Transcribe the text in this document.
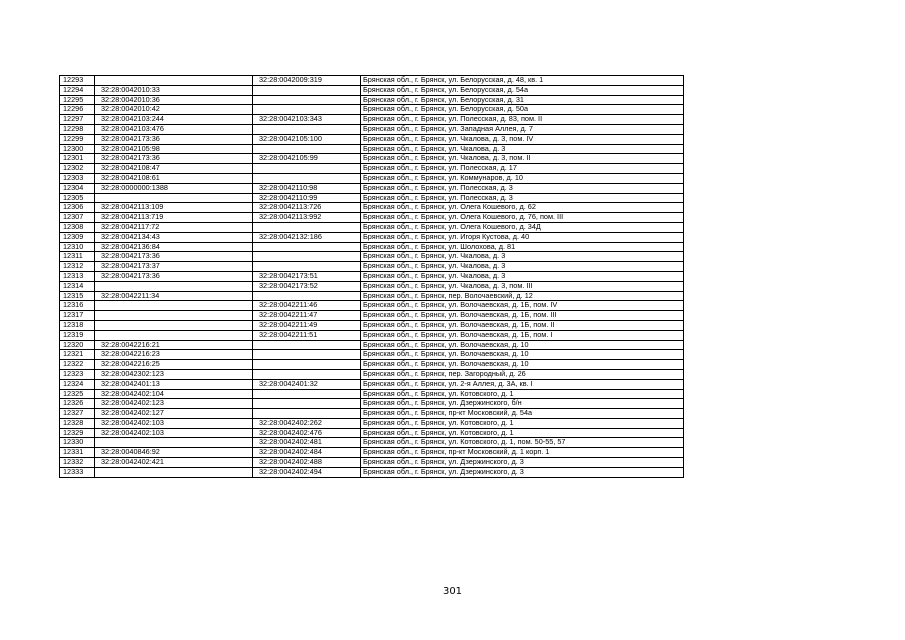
12293		32:28:0042009:319	Брянская обл., г. Брянск, ул. Белорусская, д. 48, кв. 1
12294	32:28:0042010:33		Брянская обл., г. Брянск, ул. Белорусская, д. 54а
12295	32:28:0042010:36		Брянская обл., г. Брянск, ул. Белорусская, д. 31
12296	32:28:0042010:42		Брянская обл., г. Брянск, ул. Белорусская, д. 50а
12297	32:28:0042103:244	32:28:0042103:343	Брянская обл., г. Брянск, ул. Полесская, д. 83, пом. II
12298	32:28:0042103:476		Брянская обл., г. Брянск, ул. Западная Аллея, д. 7
12299	32:28:0042173:36	32:28:0042105:100	Брянская обл., г. Брянск, ул. Чкалова, д. 3, пом. IV
12300	32:28:0042105:98		Брянская обл., г. Брянск, ул. Чкалова, д. 3
12301	32:28:0042173:36	32:28:0042105:99	Брянская обл., г. Брянск, ул. Чкалова, д. 3, пом. II
12302	32:28:0042108:47		Брянская обл., г. Брянск, ул. Полесская, д. 17
12303	32:28:0042108:61		Брянская обл., г. Брянск, ул. Коммунаров, д. 10
12304	32:28:0000000:1388	32:28:0042110:98	Брянская обл., г. Брянск, ул. Полесская, д. 3
12305		32:28:0042110:99	Брянская обл., г. Брянск, ул. Полесская, д. 3
12306	32:28:0042113:109	32:28:0042113:726	Брянская обл., г. Брянск, ул. Олега Кошевого, д. 62
12307	32:28:0042113:719	32:28:0042113:992	Брянская обл., г. Брянск, ул. Олега Кошевого, д. 76, пом. III
12308	32:28:0042117:72		Брянская обл., г. Брянск, ул. Олега Кошевого, д. 34Д
12309	32:28:0042134:43	32:28:0042132:186	Брянская обл., г. Брянск, ул. Игоря Кустова, д. 40
12310	32:28:0042136:84		Брянская обл., г. Брянск, ул. Шолохова, д. 81
12311	32:28:0042173:36		Брянская обл., г. Брянск, ул. Чкалова, д. 3
12312	32:28:0042173:37		Брянская обл., г. Брянск, ул. Чкалова, д. 3
12313	32:28:0042173:36	32:28:0042173:51	Брянская обл., г. Брянск, ул. Чкалова, д. 3
12314		32:28:0042173:52	Брянская обл., г. Брянск, ул. Чкалова, д. 3, пом. III
12315	32:28:0042211:34		Брянская обл., г. Брянск, пер. Волочаевский, д. 12
12316		32:28:0042211:46	Брянская обл., г. Брянск, ул. Волочаевская, д. 1Б, пом. IV
12317		32:28:0042211:47	Брянская обл., г. Брянск, ул. Волочаевская, д. 1Б, пом. III
12318		32:28:0042211:49	Брянская обл., г. Брянск, ул. Волочаевская, д. 1Б, пом. II
12319		32:28:0042211:51	Брянская обл., г. Брянск, ул. Волочаевская, д. 1Б, пом. I
12320	32:28:0042216:21		Брянская обл., г. Брянск, ул. Волочаевская, д. 10
12321	32:28:0042216:23		Брянская обл., г. Брянск, ул. Волочаевская, д. 10
12322	32:28:0042216:25		Брянская обл., г. Брянск, ул. Волочаевская, д. 10
12323	32:28:0042302:123		Брянская обл., г. Брянск, пер. Загородный, д. 26
12324	32:28:0042401:13	32:28:0042401:32	Брянская обл., г. Брянск, ул. 2-я Аллея, д. 3А, кв. I
12325	32:28:0042402:104		Брянская обл., г. Брянск, ул. Котовского, д. 1
12326	32:28:0042402:123		Брянская обл., г. Брянск, ул. Дзержинского, б/н
12327	32:28:0042402:127		Брянская обл., г. Брянск, пр-кт Московский, д. 54а
12328	32:28:0042402:103	32:28:0042402:262	Брянская обл., г. Брянск, ул. Котовского, д. 1
12329	32:28:0042402:103	32:28:0042402:476	Брянская обл., г. Брянск, ул. Котовского, д. 1
12330		32:28:0042402:481	Брянская обл., г. Брянск, ул. Котовского, д. 1, пом. 50-55, 57
12331	32:28:0040846:92	32:28:0042402:484	Брянская обл., г. Брянск, пр-кт Московский, д. 1 корп. 1
12332	32:28:0042402:421	32:28:0042402:488	Брянская обл., г. Брянск, ул. Дзержинского, д. 3
12333		32:28:0042402:494	Брянская обл., г. Брянск, ул. Дзержинского, д. 3
301
